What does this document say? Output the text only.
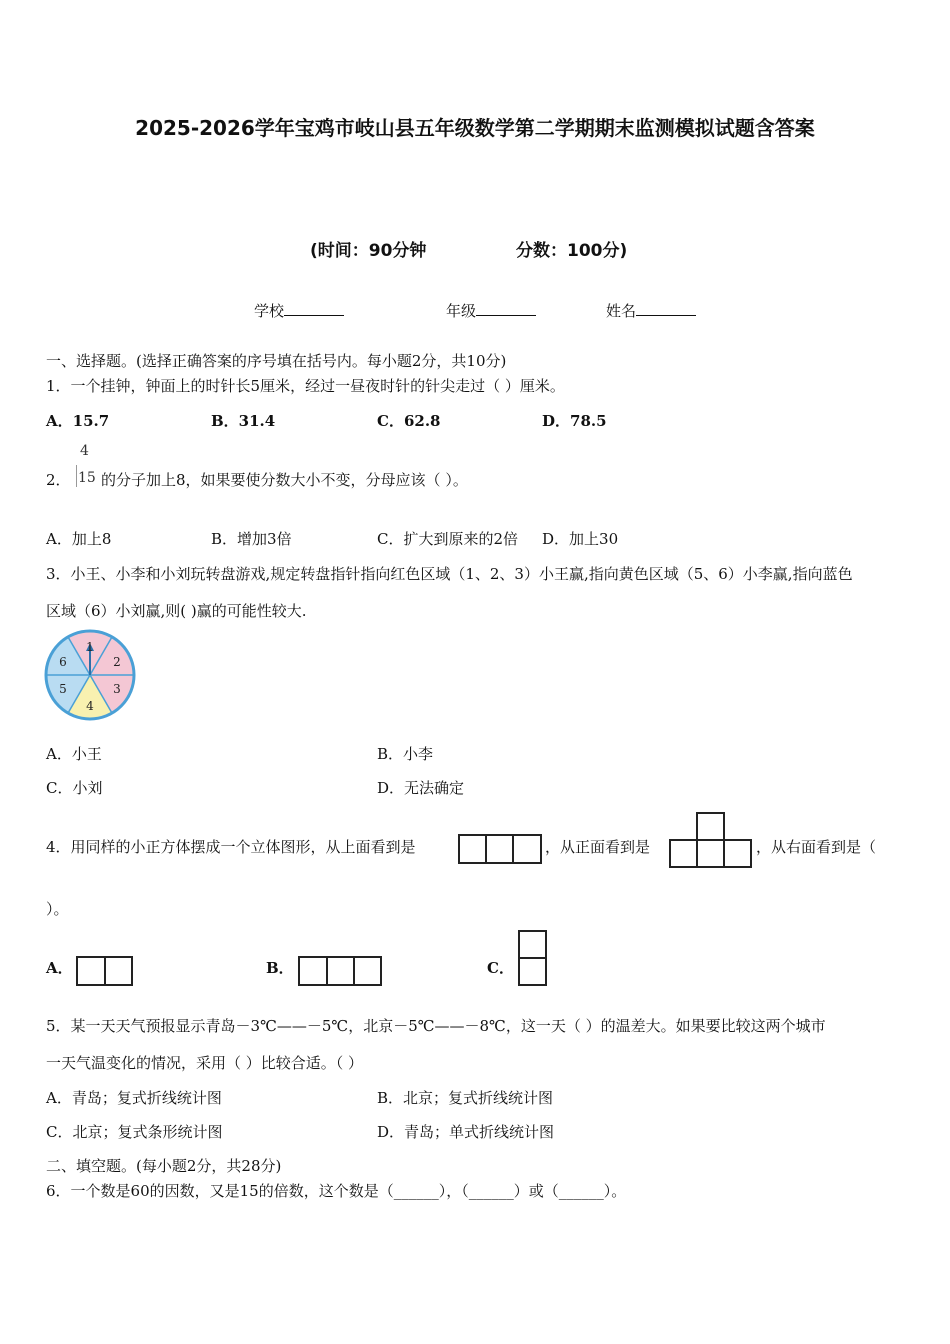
2025-2026学年宝鸡市岐山县五年级数学第二学期期末监测模拟试题含答案
(时间：90分钟	分数：100分)
学校	年级	姓名
一、选择题。(选择正确答案的序号填在括号内。每小题2分，共10分)
1．一个挂钟，钟面上的时针长5厘米，经过一昼夜时针的针尖走过（ ）厘米。
A．15.7	B．31.4	C．62.8	D．78.5
2．
4
15 的分子加上8，如果要使分数大小不变，分母应该（ ）。
A．加上8	B．增加3倍	C．扩大到原来的2倍 D．加上30
3．小王、小李和小刘玩转盘游戏,规定转盘指针指向红色区域（1、2、3）小王赢,指向黄色区域（5、6）小李赢,指向蓝色
区域（6）小刘赢,则( )赢的可能性较大.
1
2
3
4
5
6
A．小王	B．小李
C．小刘	D．无法确定
4．用同样的小正方体摆成一个立体图形，从上面看到是	，从正面看到是	，从右面看到是（
）。
A．	B．	C．
5．某一天天气预报显示青岛－3℃——－5℃，北京－5℃——－8℃，这一天（ ）的温差大。如果要比较这两个城市
一天气温变化的情况，采用（ ）比较合适。（ ）
A．青岛；复式折线统计图	B．北京；复式折线统计图
C．北京；复式条形统计图	D．青岛；单式折线统计图
二、填空题。(每小题2分，共28分)
6．一个数是60的因数，又是15的倍数，这个数是（______），（______）或（______）。
